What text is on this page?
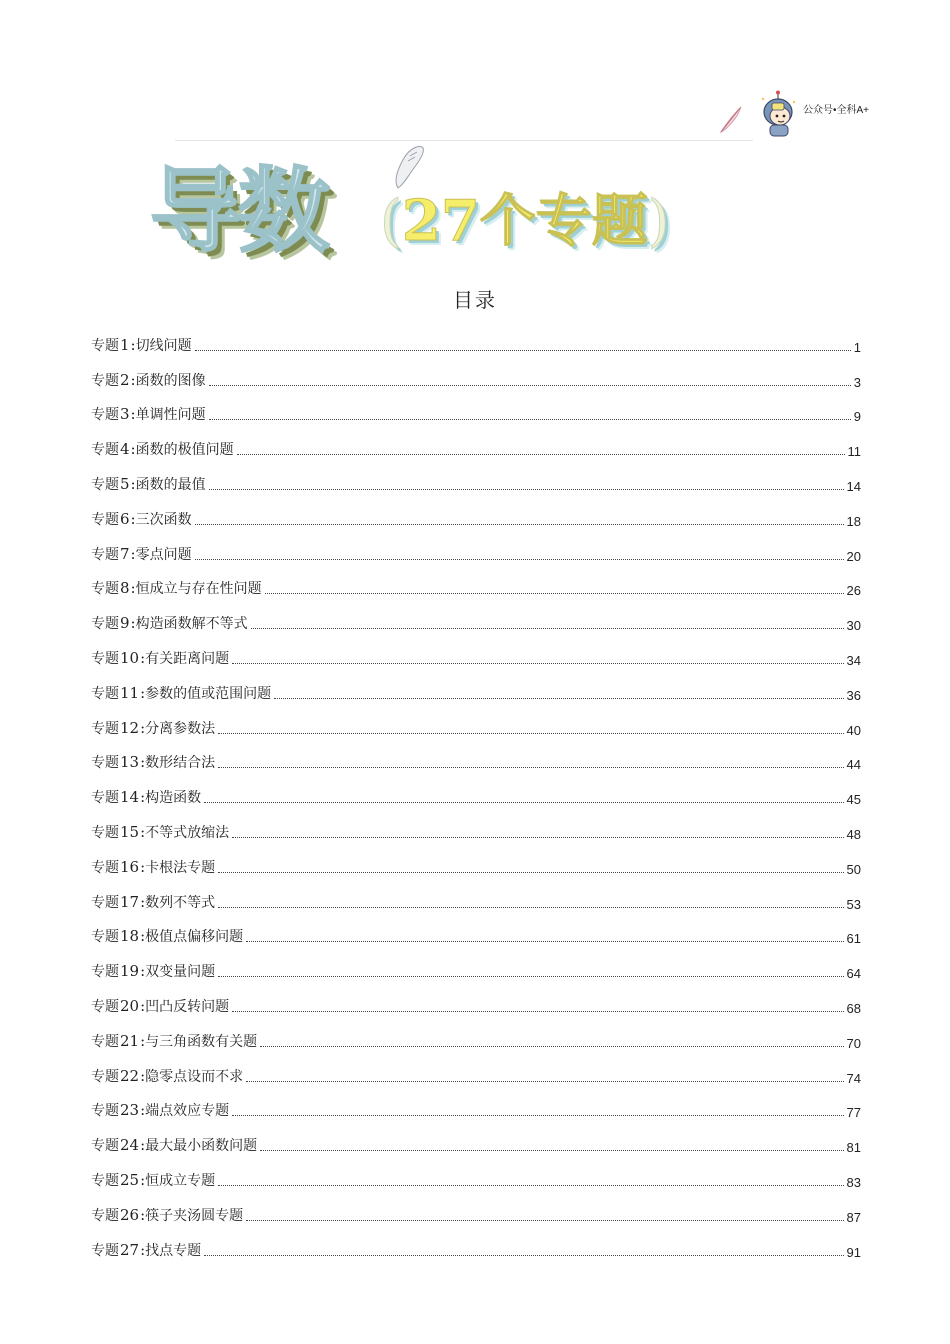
公众号•全科A+
导数 (27个专题)
目录
专题1:切线问题	1
专题2:函数的图像	3
专题3:单调性问题	9
专题4:函数的极值问题	11
专题5:函数的最值	14
专题6:三次函数	18
专题7:零点问题	20
专题8:恒成立与存在性问题	26
专题9:构造函数解不等式	30
专题10:有关距离问题	34
专题11:参数的值或范围问题	36
专题12:分离参数法	40
专题13:数形结合法	44
专题14:构造函数	45
专题15:不等式放缩法	48
专题16:卡根法专题	50
专题17:数列不等式	53
专题18:极值点偏移问题	61
专题19:双变量问题	64
专题20:凹凸反转问题	68
专题21:与三角函数有关题	70
专题22:隐零点设而不求	74
专题23:端点效应专题	77
专题24:最大最小函数问题	81
专题25:恒成立专题	83
专题26:筷子夹汤圆专题	87
专题27:找点专题	91
